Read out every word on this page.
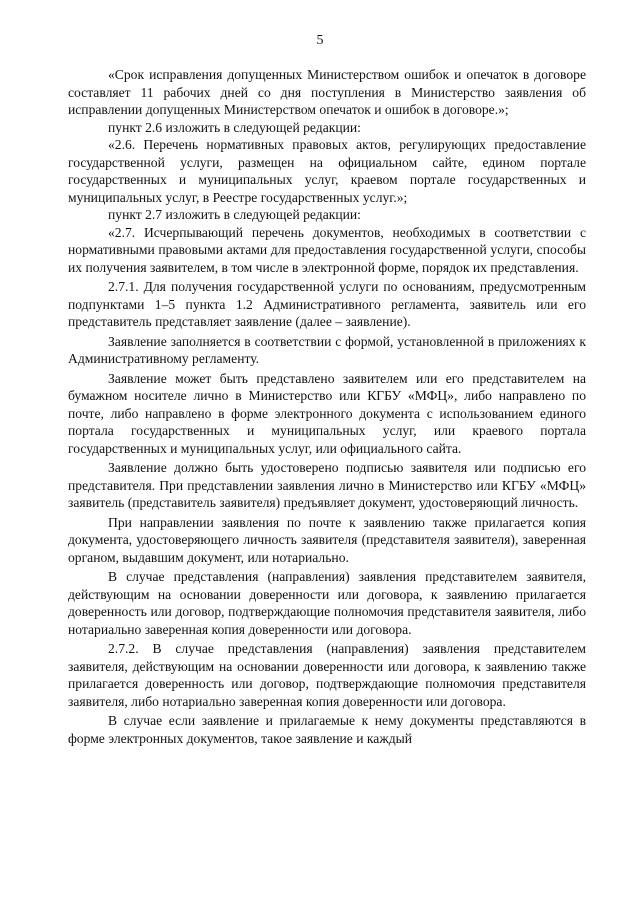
5

«Срок исправления допущенных Министерством ошибок и опечаток в договоре составляет 11 рабочих дней со дня поступления в Министерство заявления об исправлении допущенных Министерством опечаток и ошибок в договоре.»;

пункт 2.6 изложить в следующей редакции:

«2.6. Перечень нормативных правовых актов, регулирующих предоставление государственной услуги, размещен на официальном сайте, едином портале государственных и муниципальных услуг, краевом портале государственных и муниципальных услуг, в Реестре государственных услуг.»;

пункт 2.7 изложить в следующей редакции:

«2.7. Исчерпывающий перечень документов, необходимых в соответствии с нормативными правовыми актами для предоставления государственной услуги, способы их получения заявителем, в том числе в электронной форме, порядок их представления.

2.7.1. Для получения государственной услуги по основаниям, предусмотренным подпунктами 1–5 пункта 1.2 Административного регламента, заявитель или его представитель представляет заявление (далее – заявление).

Заявление заполняется в соответствии с формой, установленной в приложениях к Административному регламенту.

Заявление может быть представлено заявителем или его представителем на бумажном носителе лично в Министерство или КГБУ «МФЦ», либо направлено по почте, либо направлено в форме электронного документа с использованием единого портала государственных и муниципальных услуг, или краевого портала государственных и муниципальных услуг, или официального сайта.

Заявление должно быть удостоверено подписью заявителя или подписью его представителя. При представлении заявления лично в Министерство или КГБУ «МФЦ» заявитель (представитель заявителя) предъявляет документ, удостоверяющий личность.

При направлении заявления по почте к заявлению также прилагается копия документа, удостоверяющего личность заявителя (представителя заявителя), заверенная органом, выдавшим документ, или нотариально.

В случае представления (направления) заявления представителем заявителя, действующим на основании доверенности или договора, к заявлению прилагается доверенность или договор, подтверждающие полномочия представителя заявителя, либо нотариально заверенная копия доверенности или договора.

2.7.2. В случае представления (направления) заявления представителем заявителя, действующим на основании доверенности или договора, к заявлению также прилагается доверенность или договор, подтверждающие полномочия представителя заявителя, либо нотариально заверенная копия доверенности или договора.

В случае если заявление и прилагаемые к нему документы представляются в форме электронных документов, такое заявление и каждый
